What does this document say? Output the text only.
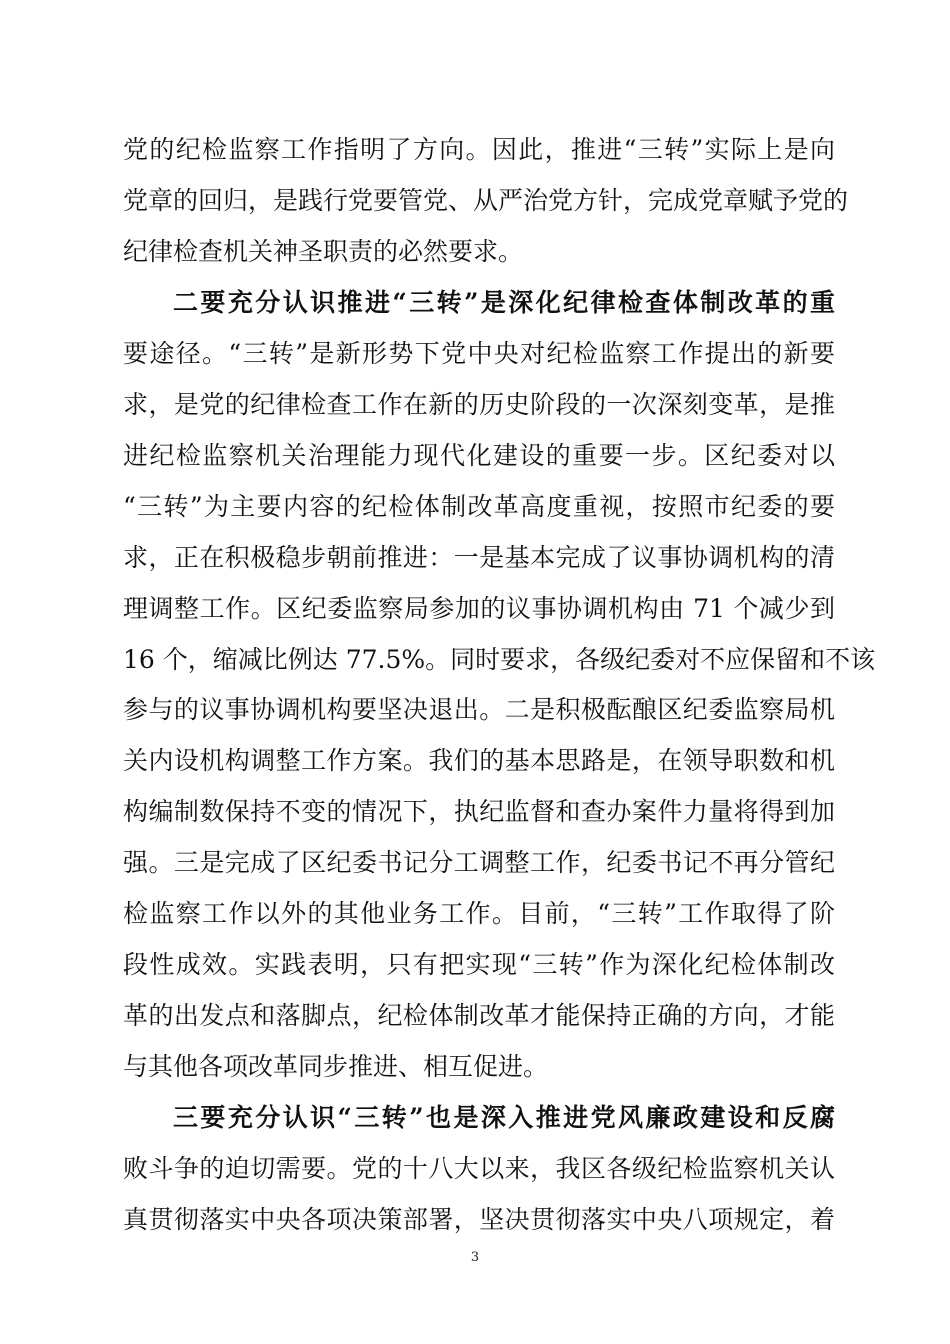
党的纪检监察工作指明了方向。因此，推进“三转”实际上是向
党章的回归，是践行党要管党、从严治党方针，完成党章赋予党的
纪律检查机关神圣职责的必然要求。
二要充分认识推进“三转”是深化纪律检查体制改革的重
要途径。“三转”是新形势下党中央对纪检监察工作提出的新要
求，是党的纪律检查工作在新的历史阶段的一次深刻变革，是推
进纪检监察机关治理能力现代化建设的重要一步。区纪委对以
“三转”为主要内容的纪检体制改革高度重视，按照市纪委的要
求，正在积极稳步朝前推进：一是基本完成了议事协调机构的清
理调整工作。区纪委监察局参加的议事协调机构由 71 个减少到
16 个，缩减比例达 77.5%。同时要求，各级纪委对不应保留和不该
参与的议事协调机构要坚决退出。二是积极酝酿区纪委监察局机
关内设机构调整工作方案。我们的基本思路是，在领导职数和机
构编制数保持不变的情况下，执纪监督和查办案件力量将得到加
强。三是完成了区纪委书记分工调整工作，纪委书记不再分管纪
检监察工作以外的其他业务工作。目前，“三转”工作取得了阶
段性成效。实践表明，只有把实现“三转”作为深化纪检体制改
革的出发点和落脚点，纪检体制改革才能保持正确的方向，才能
与其他各项改革同步推进、相互促进。
三要充分认识“三转”也是深入推进党风廉政建设和反腐
败斗争的迫切需要。党的十八大以来，我区各级纪检监察机关认
3
真贯彻落实中央各项决策部署，坚决贯彻落实中央八项规定，着
